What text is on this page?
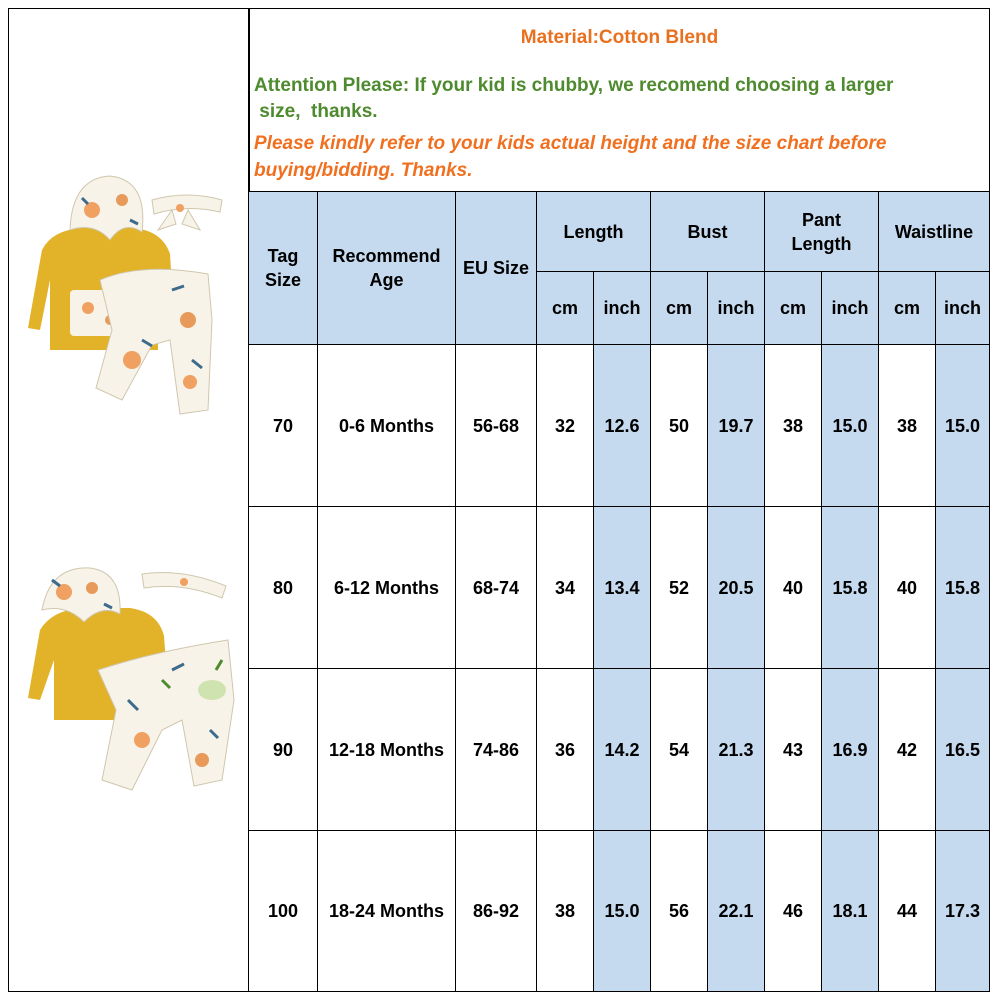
Material:Cotton Blend
Attention Please: If your kid is chubby, we recomend choosing a larger
size,  thanks.
Please kindly refer to your kids actual height and the size chart before
buying/bidding. Thanks.
Tag Size	Recommend Age	EU Size	Length		Bust		Pant Length		Waistline	
			cm	inch	cm	inch	cm	inch	cm	inch
70	0-6 Months	56-68	32	12.6	50	19.7	38	15.0	38	15.0
80	6-12 Months	68-74	34	13.4	52	20.5	40	15.8	40	15.8
90	12-18 Months	74-86	36	14.2	54	21.3	43	16.9	42	16.5
100	18-24 Months	86-92	38	15.0	56	22.1	46	18.1	44	17.3
